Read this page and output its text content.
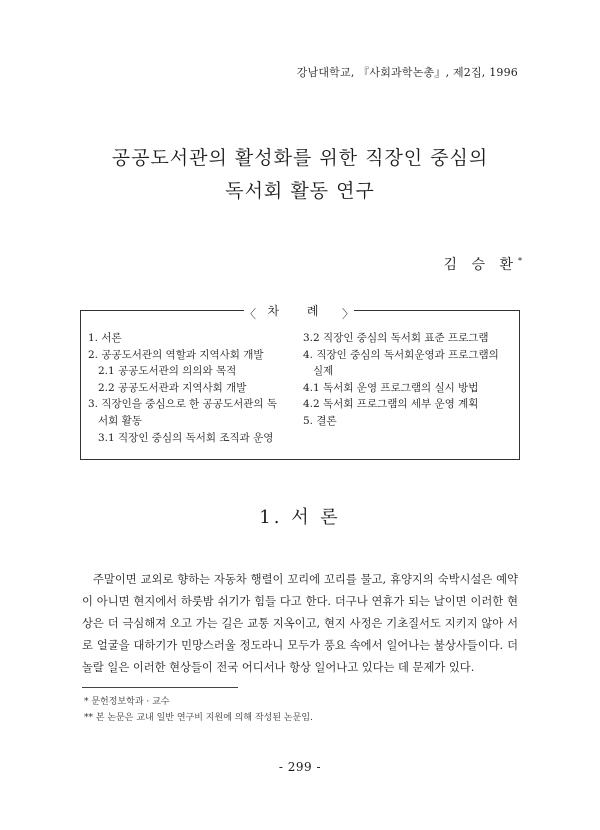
강남대학교, 『사회과학논총』, 제2집, 1996
공공도서관의 활성화를 위한 직장인 중심의
독서회 활동 연구
김 승 환*
〈 차 례 〉
1. 서론
2. 공공도서관의 역할과 지역사회 개발
2.1 공공도서관의 의의와 목적
2.2 공공도서관과 지역사회 개발
3. 직장인을 중심으로 한 공공도서관의 독
서회 활동
3.1 직장인 중심의 독서회 조직과 운영
3.2 직장인 중심의 독서회 표준 프로그램
4. 직장인 중심의 독서회운영과 프로그램의
실제
4.1 독서회 운영 프로그램의 실시 방법
4.2 독서회 프로그램의 세부 운영 계획
5. 결론
1. 서 론
주말이면 교외로 향하는 자동차 행렬이 꼬리에 꼬리를 물고, 휴양지의 숙박시설은 예약이 아니면 현지에서 하룻밤 쉬기가 힘들 다고 한다. 더구나 연휴가 되는 날이면 이러한 현상은 더 극심해져 오고 가는 길은 교통 지옥이고, 현지 사정은 기초질서도 지키지 않아 서로 얼굴을 대하기가 민망스러울 정도라니 모두가 풍요 속에서 일어나는 불상사들이다. 더 놀랄 일은 이러한 현상들이 전국 어디서나 항상 일어나고 있다는 데 문제가 있다.
* 문헌정보학과 · 교수
** 본 논문은 교내 일반 연구비 지원에 의해 작성된 논문임.
- 299 -
